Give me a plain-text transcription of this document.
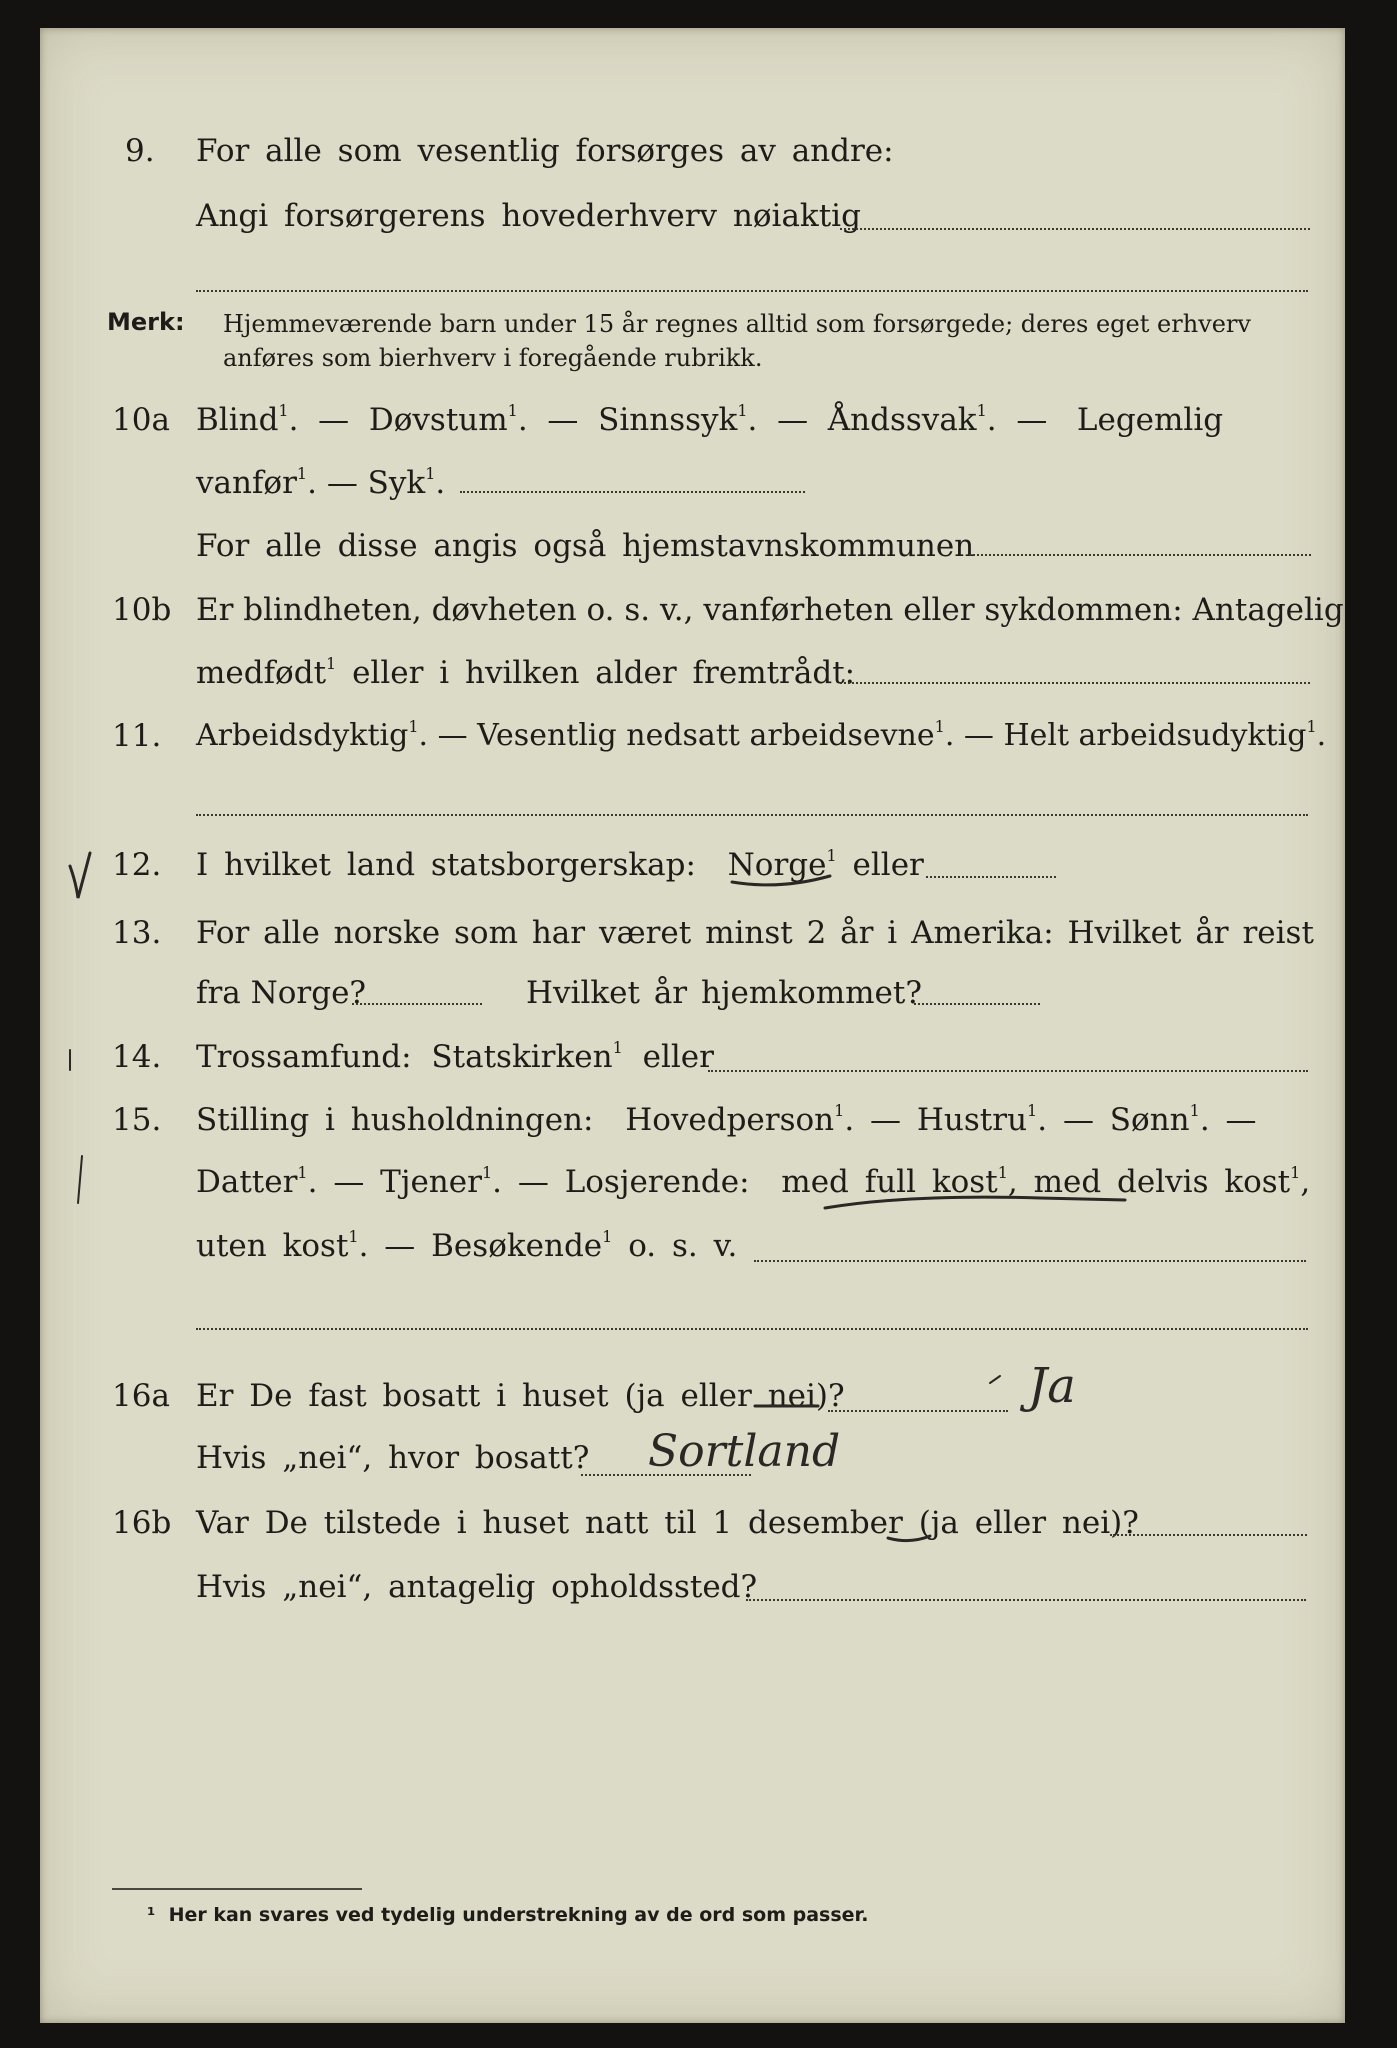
9. For alle som vesentlig forsørges av andre:
Angi forsørgerens hovederhverv nøiaktig
Merk: Hjemmeværende barn under 15 år regnes alltid som forsørgede; deres eget erhverv
anføres som bierhverv i foregående rubrikk.
10a Blind$^1$.  —  Døvstum$^1$.  —  Sinnssyk$^1$.  —  Åndssvak$^1$.  —   Legemlig
vanfør$^1$. — Syk$^1$.
For alle disse angis også hjemstavnskommunen
10b Er blindheten, døvheten o. s. v., vanførheten eller sykdommen: Antagelig
medfødt$^1$ eller i hvilken alder fremtrådt:
11. Arbeidsdyktig$^1$. — Vesentlig nedsatt arbeidsevne$^1$. — Helt arbeidsudyktig$^1$.
12. I hvilket land statsborgerskap: Norge$^1$ eller
13. For alle norske som har været minst 2 år i Amerika: Hvilket år reist
fra Norge?	Hvilket år hjemkommet?
14. Trossamfund: Statskirken$^1$ eller
15. Stilling i husholdningen: Hovedperson$^1$. — Hustru$^1$. — Sønn$^1$. —
Datter$^1$. — Tjener$^1$. — Losjerende: med full kost$^1$, med delvis kost$^1$,
uten kost$^1$. — Besøkende$^1$ o. s. v.
16a Er De fast bosatt i huset (ja eller nei)?	Ja
Hvis „nei“, hvor bosatt? Sortland
16b Var De tilstede i huset natt til 1 desember (ja eller nei)?
Hvis „nei“, antagelig opholdssted?
¹ Her kan svares ved tydelig understrekning av de ord som passer.
